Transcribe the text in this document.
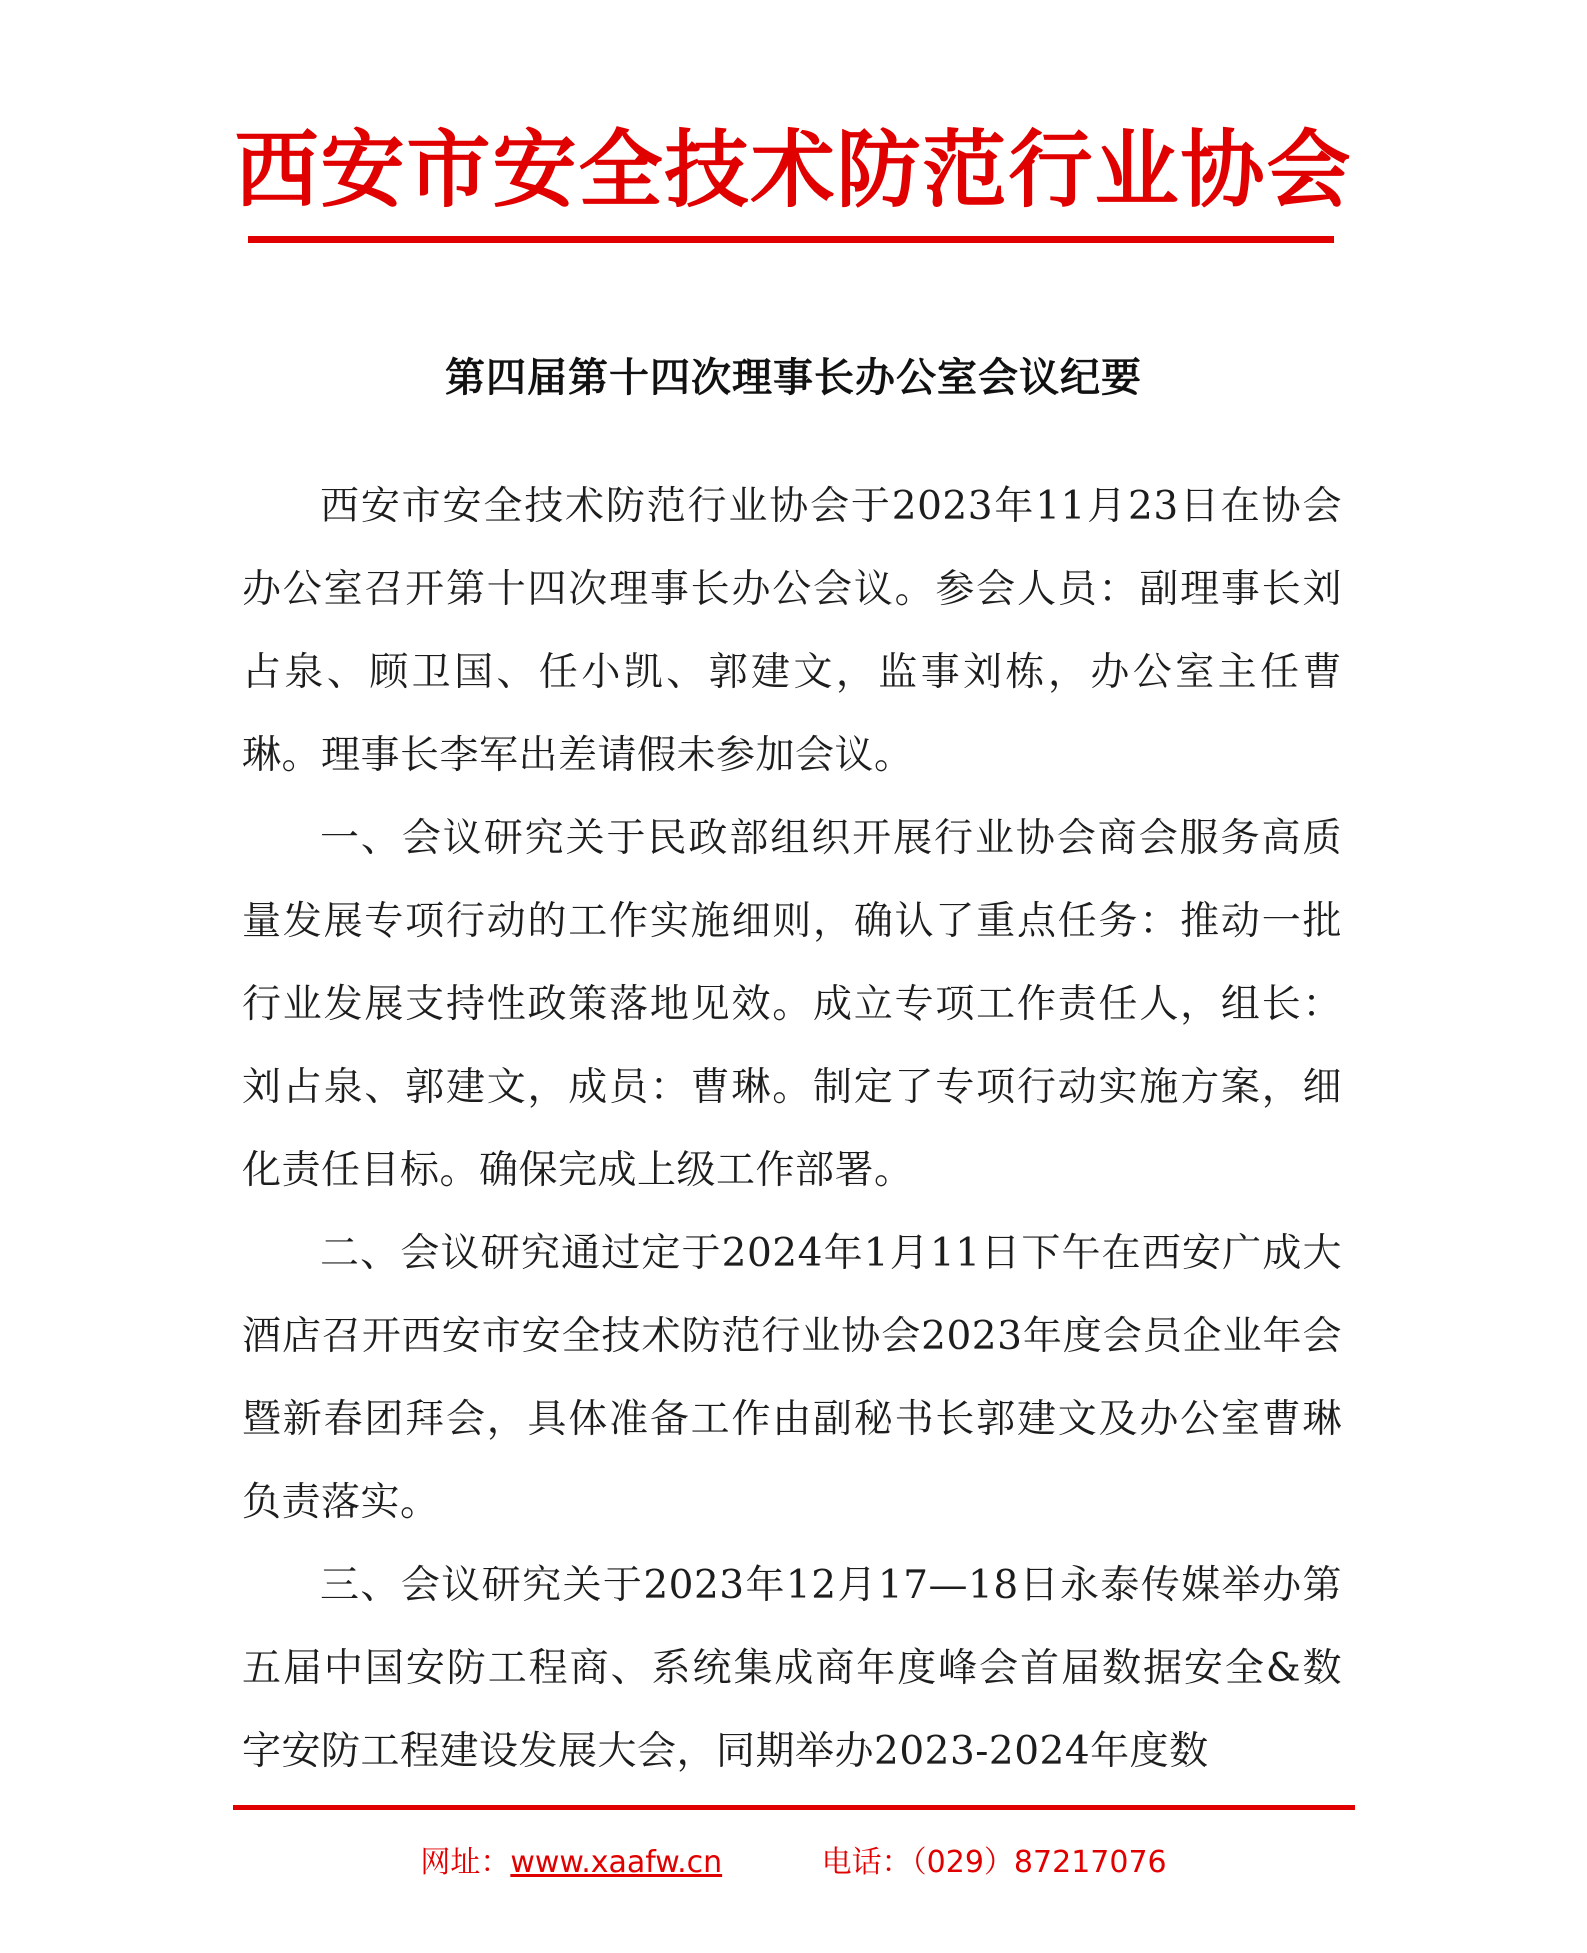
西安市安全技术防范行业协会
第四届第十四次理事长办公室会议纪要

西安市安全技术防范行业协会于2023年11月23日在协会办公室召开第十四次理事长办公会议。参会人员：副理事长刘占泉、顾卫国、任小凯、郭建文，监事刘栋，办公室主任曹琳。理事长李军出差请假未参加会议。

一、会议研究关于民政部组织开展行业协会商会服务高质量发展专项行动的工作实施细则，确认了重点任务：推动一批行业发展支持性政策落地见效。成立专项工作责任人，组长：刘占泉、郭建文，成员：曹琳。制定了专项行动实施方案，细化责任目标。确保完成上级工作部署。

二、会议研究通过定于2024年1月11日下午在西安广成大酒店召开西安市安全技术防范行业协会2023年度会员企业年会暨新春团拜会，具体准备工作由副秘书长郭建文及办公室曹琳负责落实。

三、会议研究关于2023年12月17—18日永泰传媒举办第五届中国安防工程商、系统集成商年度峰会首届数据安全&数字安防工程建设发展大会，同期举办2023-2024年度数

网址：www.xaafw.cn	电话：（029）87217076
